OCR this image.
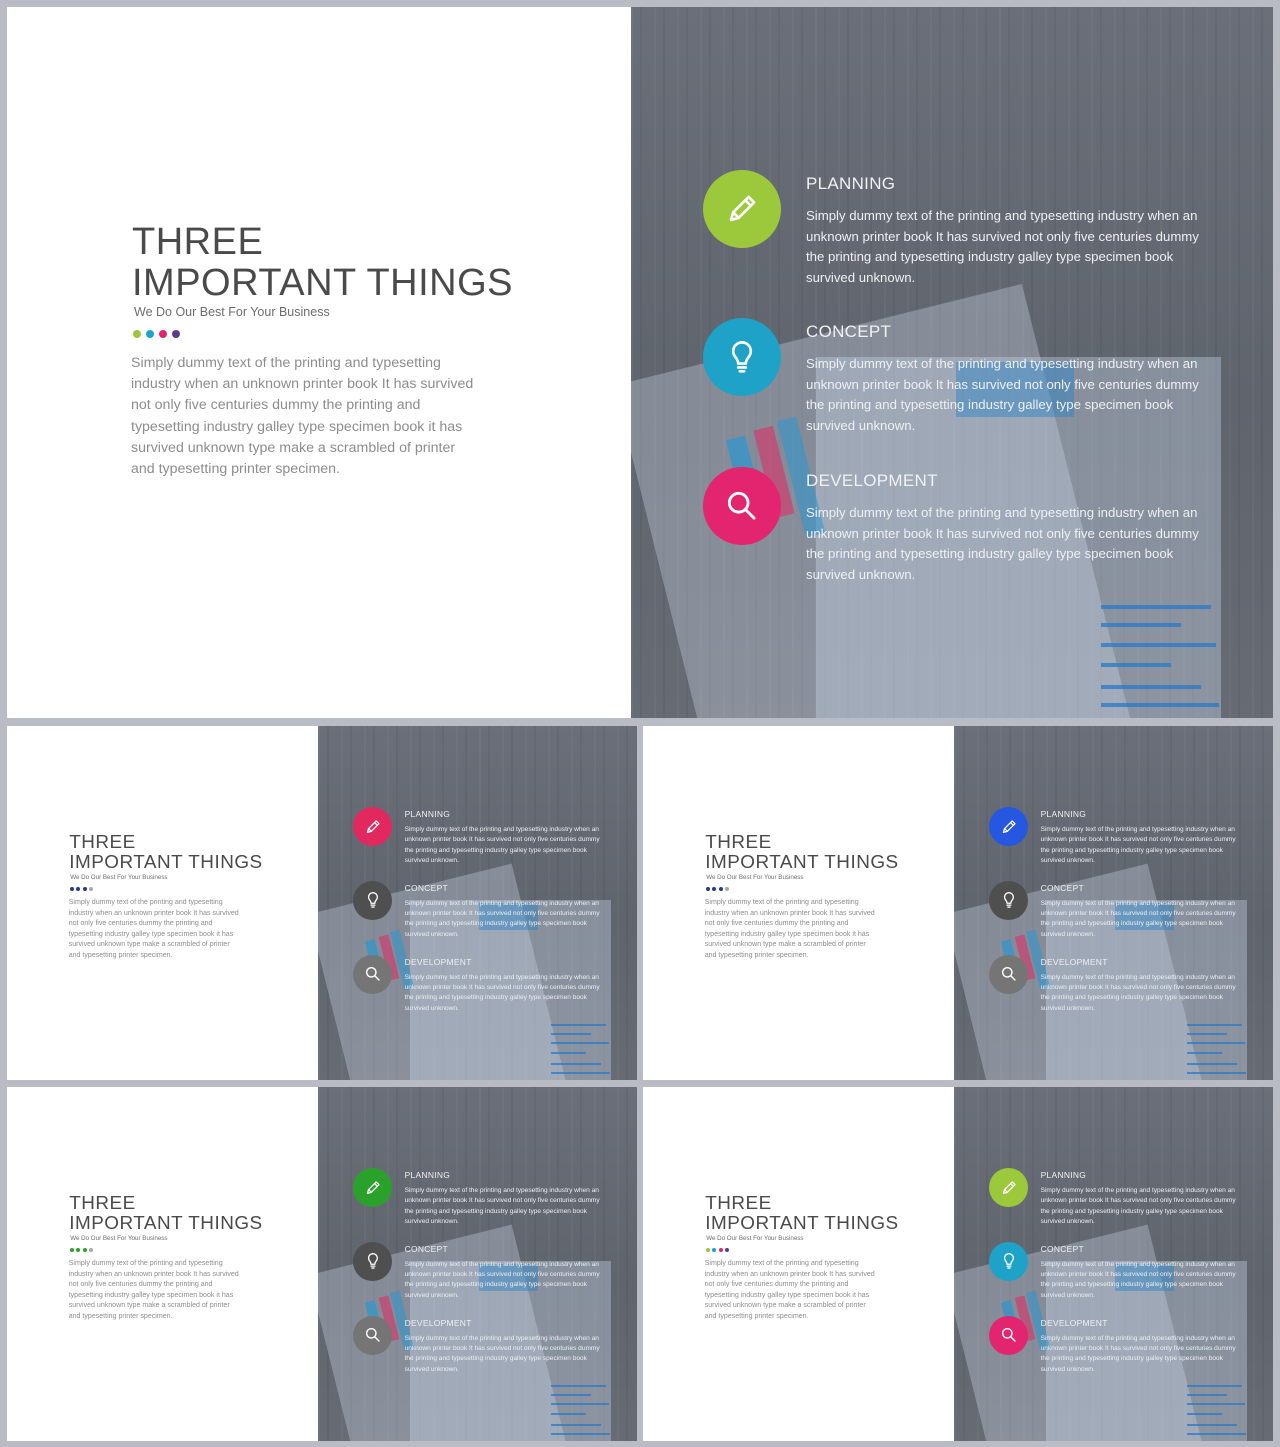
THREE
IMPORTANT THINGS
We Do Our Best For Your Business
Simply dummy text of the printing and typesetting industry when an unknown printer book It has survived not only five centuries dummy the printing and typesetting industry galley type specimen book it has survived unknown type make a scrambled of printer and typesetting printer specimen.
PLANNING
Simply dummy text of the printing and typesetting industry when an unknown printer book It has survived not only five centuries dummy the printing and typesetting industry galley type specimen book survived unknown.
CONCEPT
Simply dummy text of the printing and typesetting industry when an unknown printer book It has survived not only five centuries dummy the printing and typesetting industry galley type specimen book survived unknown.
DEVELOPMENT
Simply dummy text of the printing and typesetting industry when an unknown printer book It has survived not only five centuries dummy the printing and typesetting industry galley type specimen book survived unknown.
THREE
IMPORTANT THINGS
We Do Our Best For Your Business
Simply dummy text of the printing and typesetting industry when an unknown printer book It has survived not only five centuries dummy the printing and typesetting industry galley type specimen book it has survived unknown type make a scrambled of printer and typesetting printer specimen.
PLANNING
Simply dummy text of the printing and typesetting industry when an unknown printer book It has survived not only five centuries dummy the printing and typesetting industry galley type specimen book survived unknown.
CONCEPT
Simply dummy text of the printing and typesetting industry when an unknown printer book It has survived not only five centuries dummy the printing and typesetting industry galley type specimen book survived unknown.
DEVELOPMENT
Simply dummy text of the printing and typesetting industry when an unknown printer book It has survived not only five centuries dummy the printing and typesetting industry galley type specimen book survived unknown.
THREE
IMPORTANT THINGS
We Do Our Best For Your Business
Simply dummy text of the printing and typesetting industry when an unknown printer book It has survived not only five centuries dummy the printing and typesetting industry galley type specimen book it has survived unknown type make a scrambled of printer and typesetting printer specimen.
PLANNING
Simply dummy text of the printing and typesetting industry when an unknown printer book It has survived not only five centuries dummy the printing and typesetting industry galley type specimen book survived unknown.
CONCEPT
Simply dummy text of the printing and typesetting industry when an unknown printer book It has survived not only five centuries dummy the printing and typesetting industry galley type specimen book survived unknown.
DEVELOPMENT
Simply dummy text of the printing and typesetting industry when an unknown printer book It has survived not only five centuries dummy the printing and typesetting industry galley type specimen book survived unknown.
THREE
IMPORTANT THINGS
We Do Our Best For Your Business
Simply dummy text of the printing and typesetting industry when an unknown printer book It has survived not only five centuries dummy the printing and typesetting industry galley type specimen book it has survived unknown type make a scrambled of printer and typesetting printer specimen.
PLANNING
Simply dummy text of the printing and typesetting industry when an unknown printer book It has survived not only five centuries dummy the printing and typesetting industry galley type specimen book survived unknown.
CONCEPT
Simply dummy text of the printing and typesetting industry when an unknown printer book It has survived not only five centuries dummy the printing and typesetting industry galley type specimen book survived unknown.
DEVELOPMENT
Simply dummy text of the printing and typesetting industry when an unknown printer book It has survived not only five centuries dummy the printing and typesetting industry galley type specimen book survived unknown.
THREE
IMPORTANT THINGS
We Do Our Best For Your Business
Simply dummy text of the printing and typesetting industry when an unknown printer book It has survived not only five centuries dummy the printing and typesetting industry galley type specimen book it has survived unknown type make a scrambled of printer and typesetting printer specimen.
PLANNING
Simply dummy text of the printing and typesetting industry when an unknown printer book It has survived not only five centuries dummy the printing and typesetting industry galley type specimen book survived unknown.
CONCEPT
Simply dummy text of the printing and typesetting industry when an unknown printer book It has survived not only five centuries dummy the printing and typesetting industry galley type specimen book survived unknown.
DEVELOPMENT
Simply dummy text of the printing and typesetting industry when an unknown printer book It has survived not only five centuries dummy the printing and typesetting industry galley type specimen book survived unknown.
